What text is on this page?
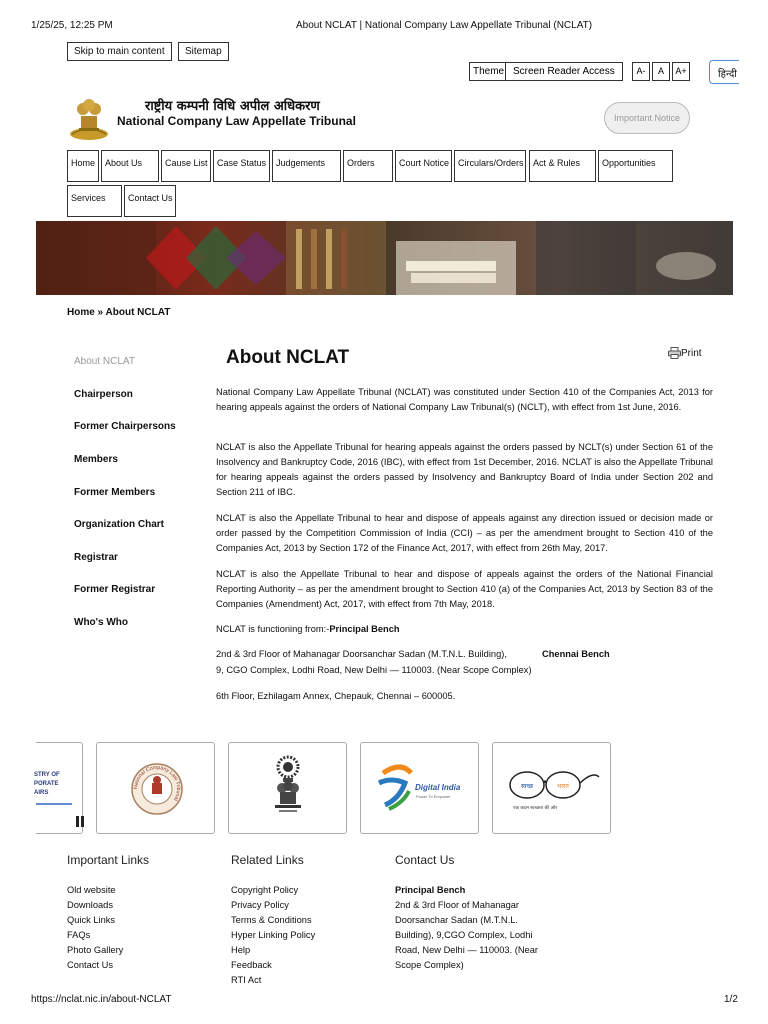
1/25/25, 12:25 PM	About NCLAT | National Company Law Appellate Tribunal (NCLAT)
Skip to main content	Sitemap
Theme Screen Reader Access	A-	A	A+	हिन्दी
राष्ट्रीय कम्पनी विधि अपील अधिकरण
National Company Law Appellate Tribunal	Important Notice
Home	About Us	Cause List	Case Status	Judgements	Orders	Court Notice Circulars/Orders	Act & Rules	Opportunities
Services	Contact Us
Home » About NCLAT
About NCLAT
Chairperson
Former Chairpersons
Members
Former Members
Organization Chart
Registrar
Former Registrar
Who's Who
About NCLAT	Print

National Company Law Appellate Tribunal (NCLAT) was constituted under Section 410 of the Companies Act, 2013 for hearing appeals against the orders of National Company Law Tribunal(s) (NCLT), with effect from 1st June, 2016.

NCLAT is also the Appellate Tribunal for hearing appeals against the orders passed by NCLT(s) under Section 61 of the Insolvency and Bankruptcy Code, 2016 (IBC), with effect from 1st December, 2016. NCLAT is also the Appellate Tribunal for hearing appeals against the orders passed by Insolvency and Bankruptcy Board of India under Section 202 and Section 211 of IBC.

NCLAT is also the Appellate Tribunal to hear and dispose of appeals against any direction issued or decision made or order passed by the Competition Commission of India (CCI) – as per the amendment brought to Section 410 of the Companies Act, 2013 by Section 172 of the Finance Act, 2017, with effect from 26th May, 2017.

NCLAT is also the Appellate Tribunal to hear and dispose of appeals against the orders of the National Financial Reporting Authority – as per the amendment brought to Section 410 (a) of the Companies Act, 2013 by Section 83 of the Companies (Amendment) Act, 2017, with effect from 7th May, 2018.

NCLAT is functioning from:-Principal Bench
2nd & 3rd Floor of Mahanagar Doorsanchar Sadan (M.T.N.L. Building),	Chennai Bench
9, CGO Complex, Lodhi Road, New Delhi — 110003. (Near Scope Complex)
6th Floor, Ezhilagam Annex, Chepauk, Chennai – 600005.
STRY OF
PORATE
AIRS
National Company Law Tribunal
Digital India
Power To Empower
स्वच्छ	भारत
एक कदम स्वच्छता की ओर
Important Links	Related Links	Contact Us
Old website
Downloads
Quick Links
FAQs
Photo Gallery
Contact Us
Copyright Policy
Privacy Policy
Terms & Conditions
Hyper Linking Policy
Help
Feedback
RTI Act
Principal Bench
2nd & 3rd Floor of Mahanagar
Doorsanchar Sadan (M.T.N.L.
Building), 9,CGO Complex, Lodhi
Road, New Delhi — 110003. (Near
Scope Complex)
https://nclat.nic.in/about-NCLAT	1/2
